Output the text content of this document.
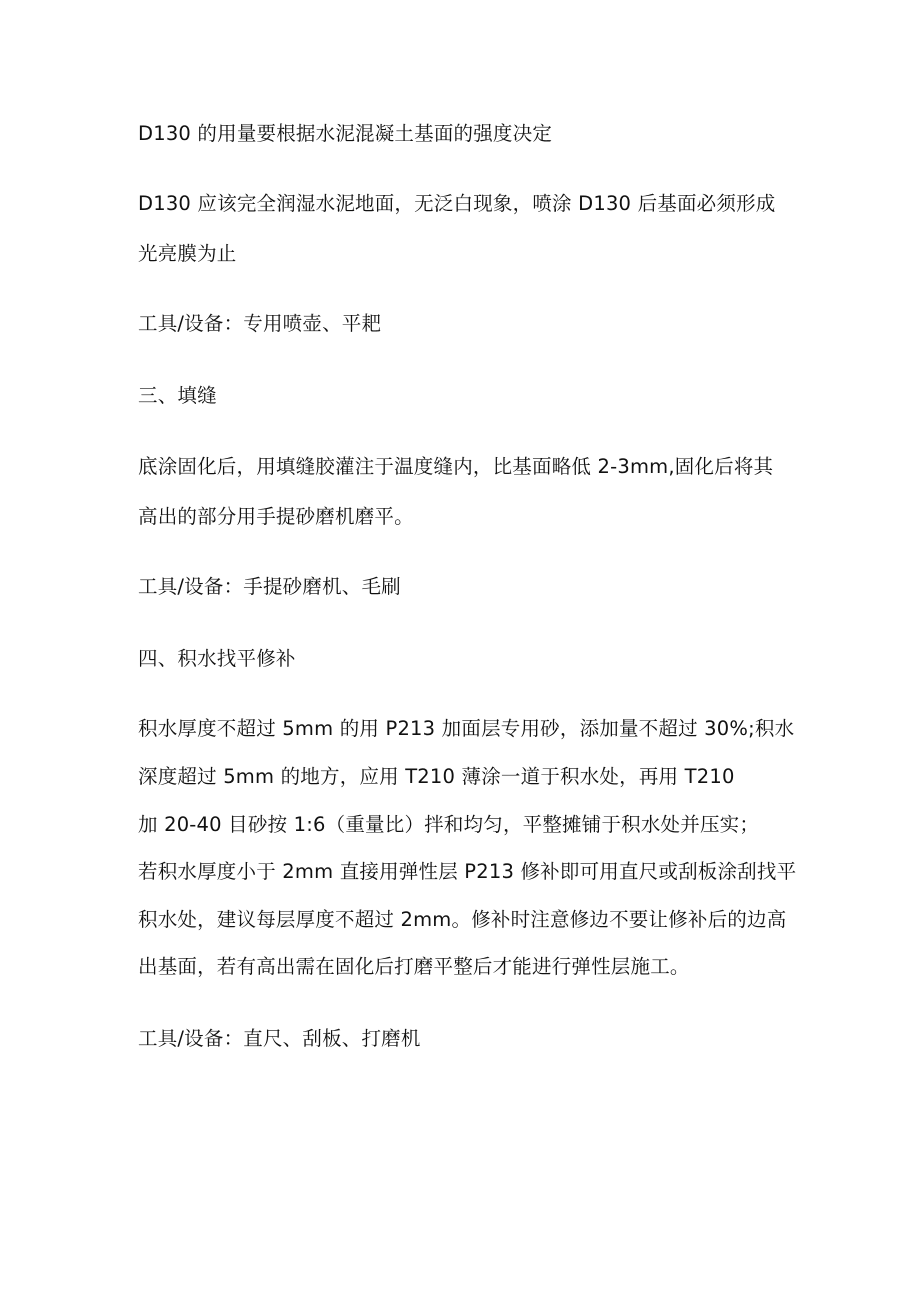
D130 的用量要根据水泥混凝土基面的强度决定
D130 应该完全润湿水泥地面，无泛白现象，喷涂 D130 后基面必须形成
光亮膜为止
工具/设备：专用喷壶、平耙
三、填缝
底涂固化后，用填缝胶灌注于温度缝内，比基面略低 2-3mm,固化后将其
高出的部分用手提砂磨机磨平。
工具/设备：手提砂磨机、毛刷
四、积水找平修补
积水厚度不超过 5mm 的用 P213 加面层专用砂，添加量不超过 30%;积水
深度超过 5mm 的地方，应用 T210 薄涂一道于积水处，再用 T210
加 20-40 目砂按 1:6（重量比）拌和均匀，平整摊铺于积水处并压实；
若积水厚度小于 2mm 直接用弹性层 P213 修补即可用直尺或刮板涂刮找平
积水处，建议每层厚度不超过 2mm。修补时注意修边不要让修补后的边高
出基面，若有高出需在固化后打磨平整后才能进行弹性层施工。
工具/设备：直尺、刮板、打磨机
